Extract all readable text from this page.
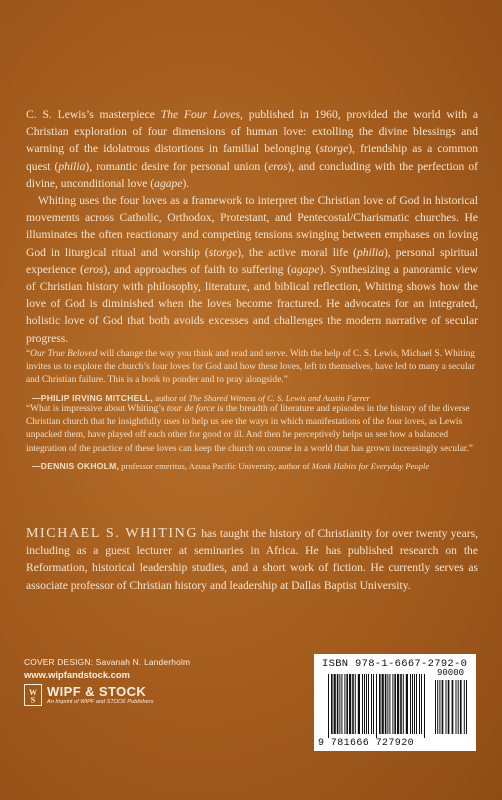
C. S. Lewis’s masterpiece The Four Loves, published in 1960, provided the world with a Christian exploration of four dimensions of human love: extolling the divine blessings and warning of the idolatrous distortions in familial belonging (storge), friendship as a common quest (philia), romantic desire for personal union (eros), and concluding with the perfection of divine, unconditional love (agape).

Whiting uses the four loves as a framework to interpret the Christian love of God in historical movements across Catholic, Orthodox, Protestant, and Pentecostal/Charismatic churches. He illuminates the often reactionary and competing tensions swinging between emphases on loving God in liturgical ritual and worship (storge), the active moral life (philia), personal spiritual experience (eros), and approaches of faith to suffering (agape). Synthesizing a panoramic view of Christian history with philosophy, literature, and biblical reflection, Whiting shows how the love of God is diminished when the loves become fractured. He advocates for an integrated, holistic love of God that both avoids excesses and challenges the modern narrative of secular progress.

“Our True Beloved will change the way you think and read and serve. With the help of C. S. Lewis, Michael S. Whiting invites us to explore the church’s four loves for God and how these loves, left to themselves, have led to many a secular and Christian failure. This is a book to ponder and to pray alongside.”

—PHILIP IRVING MITCHELL, author of The Shared Witness of C. S. Lewis and Austin Farrer

“What is impressive about Whiting’s tour de force is the breadth of literature and episodes in the history of the diverse Christian church that he insightfully uses to help us see the ways in which manifestations of the four loves, as Lewis unpacked them, have played off each other for good or ill. And then he perceptively helps us see how a balanced integration of the practice of these loves can keep the church on course in a world that has grown increasingly secular.”

—DENNIS OKHOLM, professor emeritus, Azusa Pacific University, author of Monk Habits for Everyday People

MICHAEL S. WHITING has taught the history of Christianity for over twenty years, including as a guest lecturer at seminaries in Africa. He has published research on the Reformation, historical leadership studies, and a short work of fiction. He currently serves as associate professor of Christian history and leadership at Dallas Baptist University.
COVER DESIGN: Savanah N. Landerholm
www.wipfandstock.com
W
S
WIPF & STOCK
An Imprint of WIPF and STOCK Publishers
ISBN 978-1-6667-2792-0
90000
9 781666 727920
